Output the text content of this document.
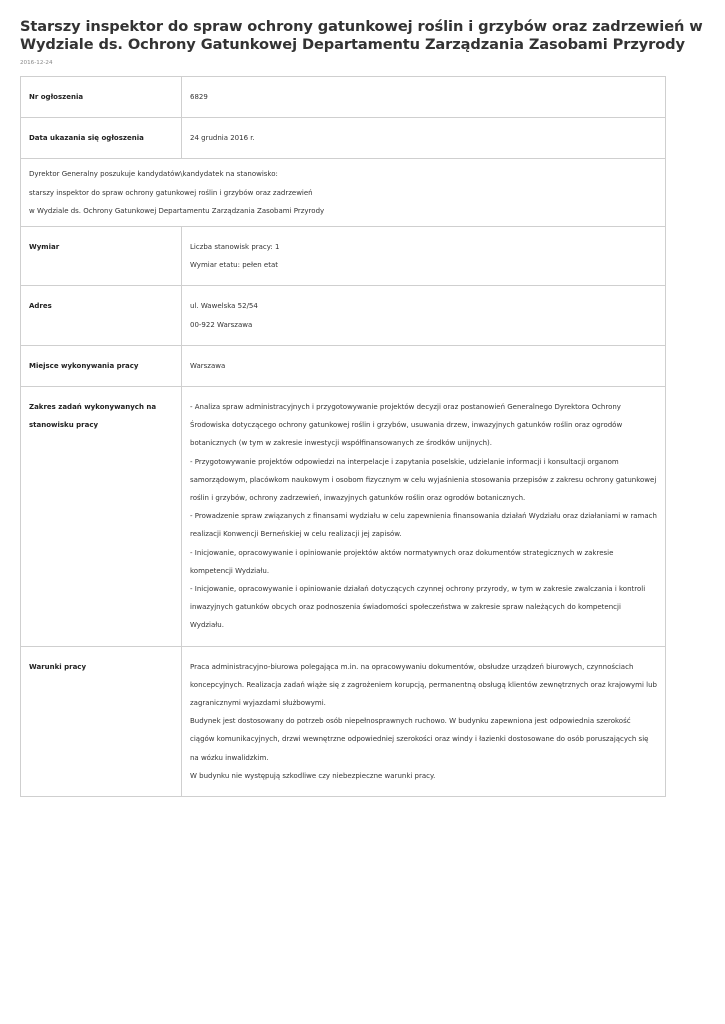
Starszy inspektor do spraw ochrony gatunkowej roślin i grzybów oraz zadrzewień w Wydziale ds. Ochrony Gatunkowej Departamentu Zarządzania Zasobami Przyrody
2016-12-24
Nr ogłoszenia	6829
Data ukazania się ogłoszenia	24 grudnia 2016 r.

Dyrektor Generalny poszukuje kandydatów\kandydatek na stanowisko:
starszy inspektor do spraw ochrony gatunkowej roślin i grzybów oraz zadrzewień
w Wydziale ds. Ochrony Gatunkowej Departamentu Zarządzania Zasobami Przyrody	

Wymiar	Liczba stanowisk pracy: 1
Wymiar etatu: pełen etat

Adres	ul. Wawelska 52/54
00-922 Warszawa

Miejsce wykonywania pracy	Warszawa
Zakres zadań wykonywanych na stanowisku pracy	- Analiza spraw administracyjnych i przygotowywanie projektów decyzji oraz postanowień Generalnego Dyrektora Ochrony Środowiska dotyczącego ochrony gatunkowej roślin i grzybów, usuwania drzew, inwazyjnych gatunków roślin oraz ogrodów botanicznych (w tym w zakresie inwestycji współfinansowanych ze środków unijnych).
- Przygotowywanie projektów odpowiedzi na interpelacje i zapytania poselskie, udzielanie informacji i konsultacji organom samorządowym, placówkom naukowym i osobom fizycznym w celu wyjaśnienia stosowania przepisów z zakresu ochrony gatunkowej roślin i grzybów, ochrony zadrzewień, inwazyjnych gatunków roślin oraz ogrodów botanicznych.
- Prowadzenie spraw związanych z finansami wydziału w celu zapewnienia finansowania działań Wydziału oraz działaniami w ramach realizacji Konwencji Berneńskiej w celu realizacji jej zapisów.
- Inicjowanie, opracowywanie i opiniowanie projektów aktów normatywnych oraz dokumentów strategicznych w zakresie kompetencji Wydziału.
- Inicjowanie, opracowywanie i opiniowanie działań dotyczących czynnej ochrony przyrody, w tym w zakresie zwalczania i kontroli inwazyjnych gatunków obcych oraz podnoszenia świadomości społeczeństwa w zakresie spraw należących do kompetencji Wydziału.

Warunki pracy	Praca administracyjno-biurowa polegająca m.in. na opracowywaniu dokumentów, obsłudze urządzeń biurowych, czynnościach koncepcyjnych. Realizacja zadań wiąże się z zagrożeniem korupcją, permanentną obsługą klientów zewnętrznych oraz krajowymi lub zagranicznymi wyjazdami służbowymi.
Budynek jest dostosowany do potrzeb osób niepełnosprawnych ruchowo. W budynku zapewniona jest odpowiednia szerokość ciągów komunikacyjnych, drzwi wewnętrzne odpowiedniej szerokości oraz windy i łazienki dostosowane do osób poruszających się na wózku inwalidzkim.
W budynku nie występują szkodliwe czy niebezpieczne warunki pracy.
